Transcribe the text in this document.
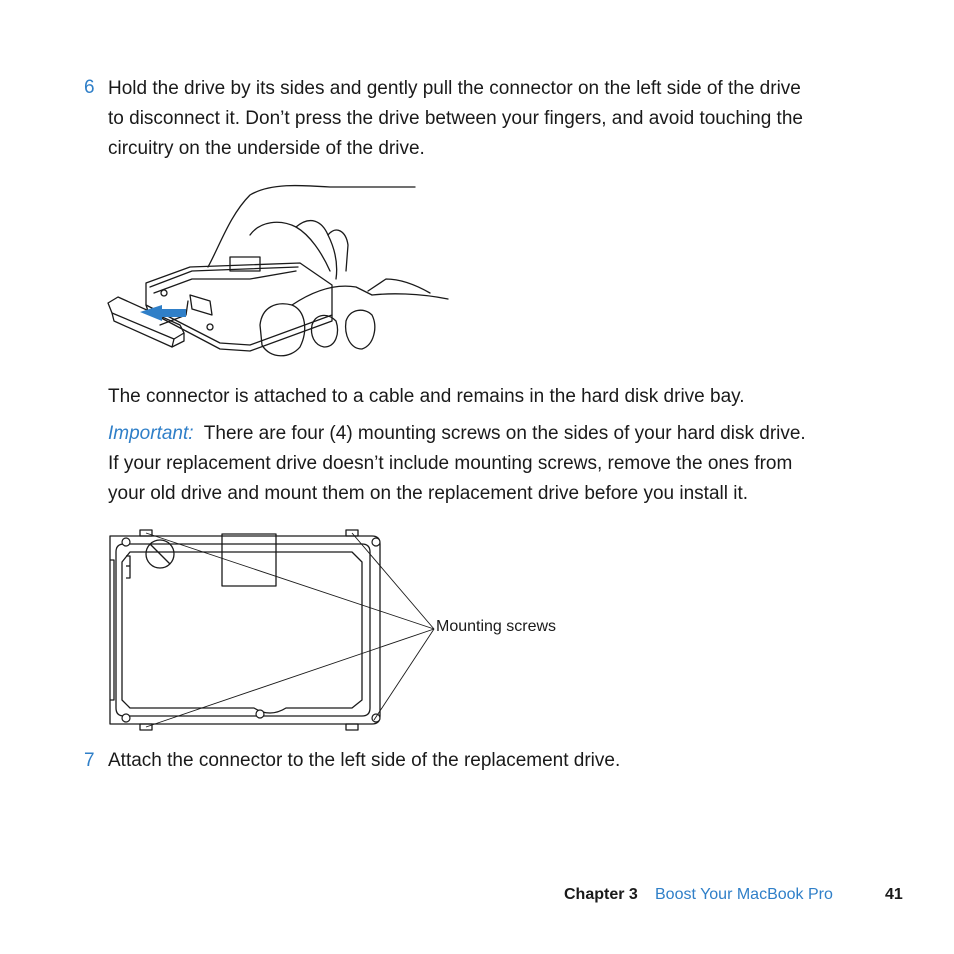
6 Hold the drive by its sides and gently pull the connector on the left side of the drive
to disconnect it. Don’t press the drive between your fingers, and avoid touching the
circuitry on the underside of the drive.

The connector is attached to a cable and remains in the hard disk drive bay.

Important: There are four (4) mounting screws on the sides of your hard disk drive.
If your replacement drive doesn’t include mounting screws, remove the ones from
your old drive and mount them on the replacement drive before you install it.

Mounting screws
7 Attach the connector to the left side of the replacement drive.
Chapter 3 Boost Your MacBook Pro	41
